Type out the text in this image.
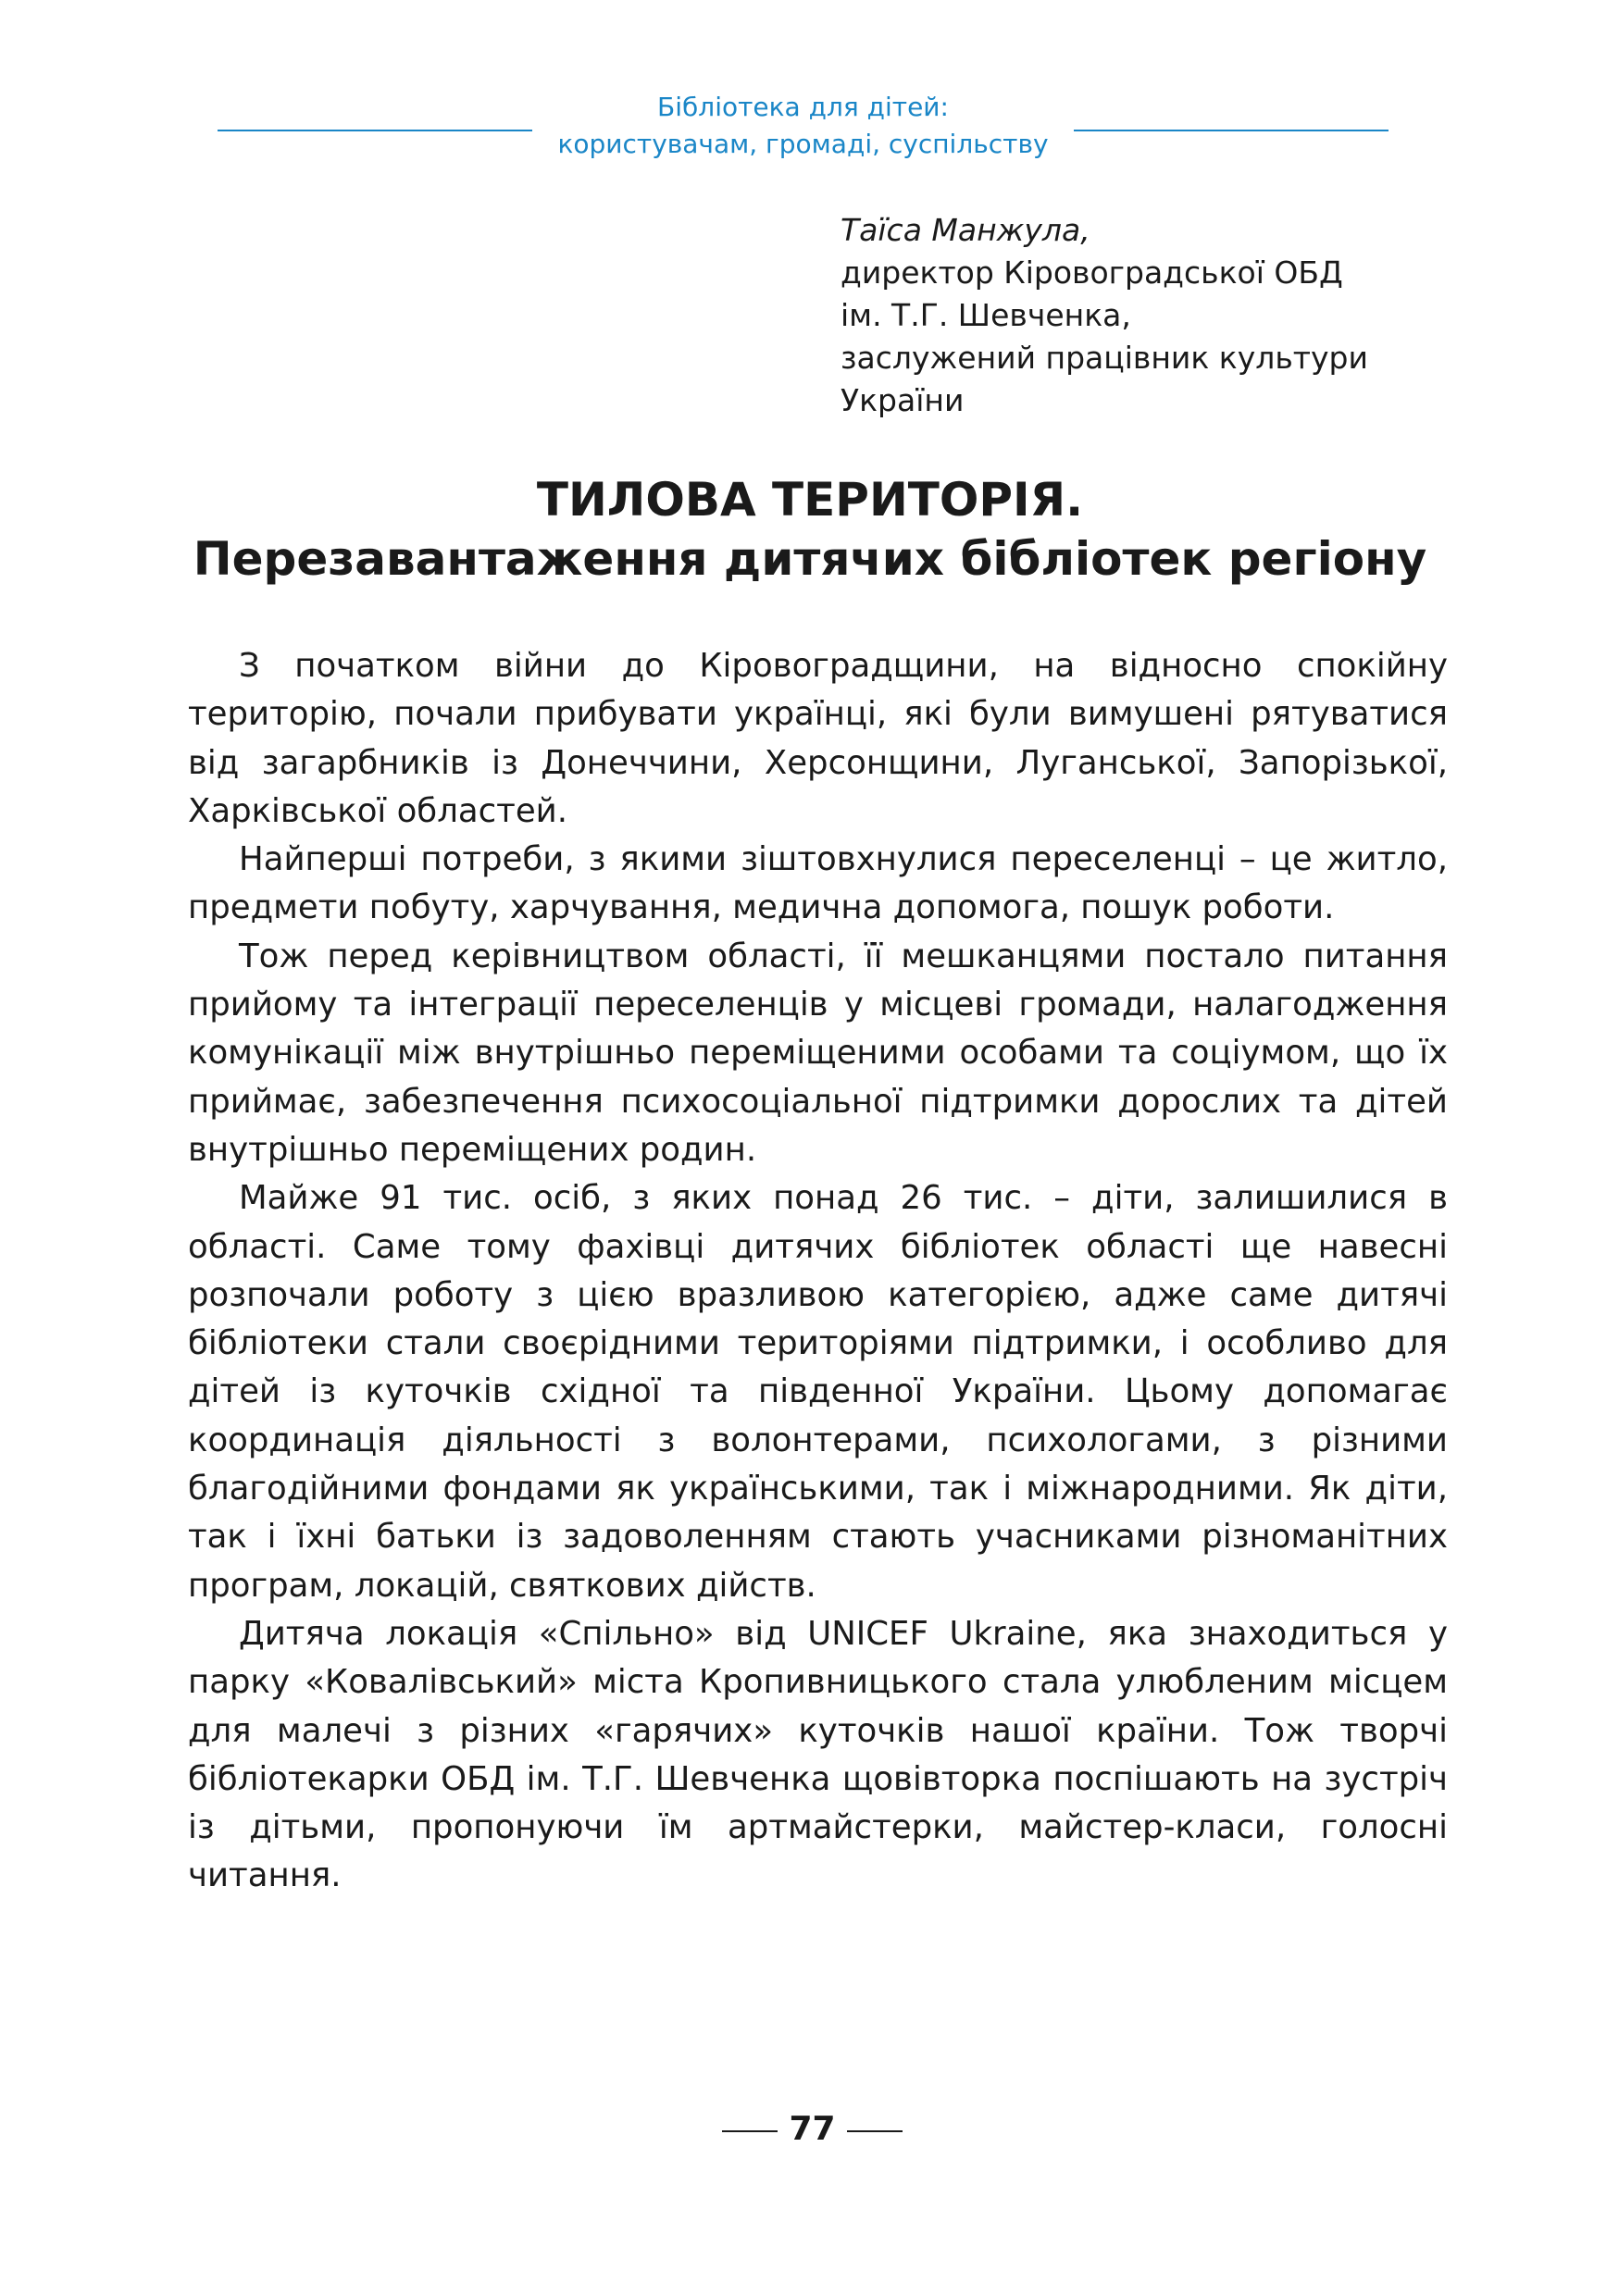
Бібліотека для дітей:
користувачам, громаді, суспільству
Таїса Манжула,
директор Кіровоградської ОБД
ім. Т.Г. Шевченка,
заслужений працівник культури
України
ТИЛОВА ТЕРИТОРІЯ.
Перезавантаження дитячих бібліотек регіону

З початком війни до Кіровоградщини, на відносно спокійну територію, почали прибувати українці, які були вимушені рятуватися від загарбників із Донеччини, Херсонщини, Луганської, Запорізької, Харківської областей.

Найперші потреби, з якими зіштовхнулися переселенці – це житло, предмети побуту, харчування, медична допомога, пошук роботи.

Тож перед керівництвом області, її мешканцями постало питання прийому та інтеграції переселенців у місцеві громади, налагодження комунікації між внутрішньо переміщеними особами та соціумом, що їх приймає, забезпечення психосоціальної підтримки дорослих та дітей внутрішньо переміщених родин.

Майже 91 тис. осіб, з яких понад 26 тис. – діти, залишилися в області. Саме тому фахівці дитячих бібліотек області ще навесні розпочали роботу з цією вразливою категорією, адже саме дитячі бібліотеки стали своєрідними територіями підтримки, і особливо для дітей із куточків східної та південної України. Цьому допомагає координація діяльності з волонтерами, психологами, з різними благодійними фондами як українськими, так і міжнародними. Як діти, так і їхні батьки із задоволенням стають учасниками різноманітних програм, локацій, святкових дійств.

Дитяча локація «Спільно» від UNICEF Ukraine, яка знаходиться у парку «Ковалівський» міста Кропивницького стала улюбленим місцем для малечі з різних «гарячих» куточків нашої країни. Тож творчі бібліотекарки ОБД ім. Т.Г. Шевченка щовівторка поспішають на зустріч із дітьми, пропонуючи їм артмайстерки, майстер-класи, голосні читання.

77
